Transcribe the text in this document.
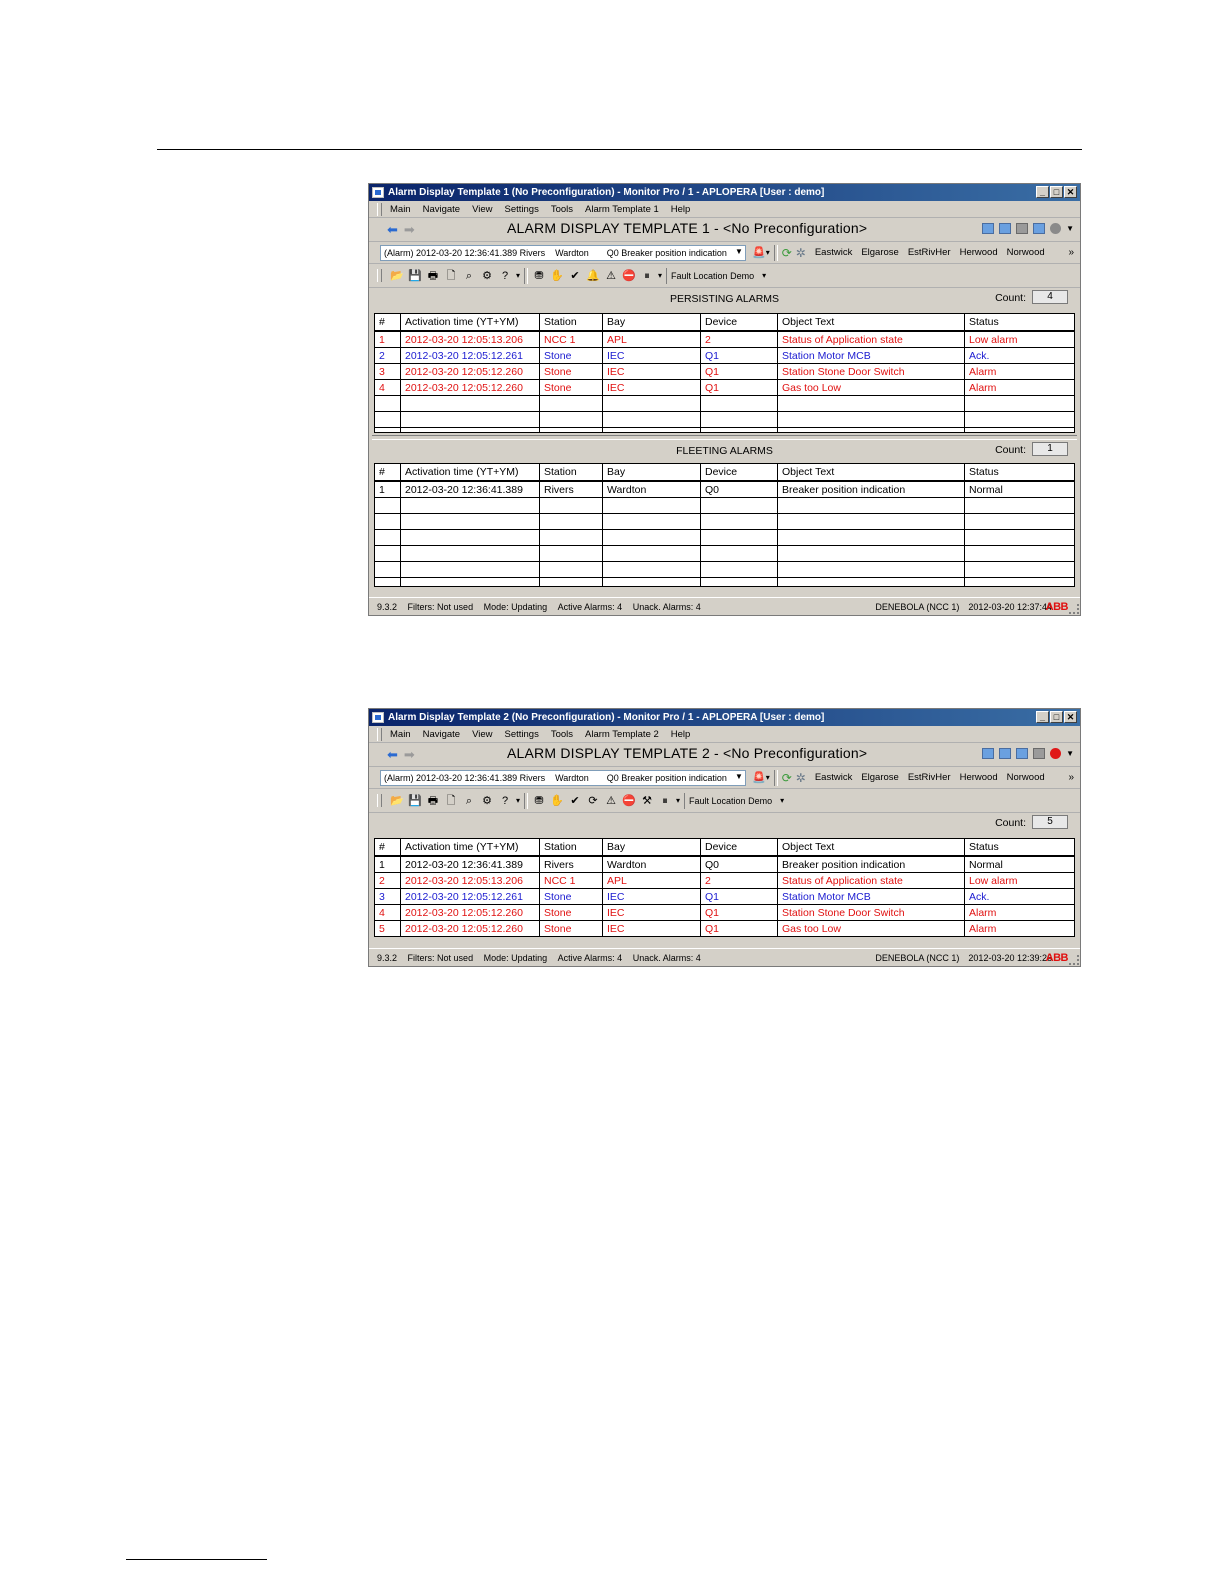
Alarm Display Template 1 (No Preconfiguration) - Monitor Pro / 1 - APLOPERA [User : demo]	_ □ ✕
Main Navigate View Settings Tools Alarm Template 1 Help
⬅ ➡	ALARM DISPLAY TEMPLATE 1 - <No Preconfiguration>	▼
(Alarm) 2012-03-20 12:36:41.389 Rivers Wardton Q0 Breaker position indication ▼ 🚨 ▾ ⟳ ✲ Eastwick Elgarose EstRivHer Herwood Norwood »
📂 💾 🖶 🗋 ⌕ ⚙ ? ▾ ⛃ ✋ ✔ 🔔 ⚠ ⛔ ⏸	▾ Fault Location Demo ▾
PERSISTING ALARMS	Count:	4
#	Activation time (YT+YM)	Station	Bay	Device	Object Text	Status
1	2012-03-20 12:05:13.206	NCC 1	APL	2	Status of Application state	Low alarm
2	2012-03-20 12:05:12.261	Stone	IEC	Q1	Station Motor MCB	Ack.
3	2012-03-20 12:05:12.260	Stone	IEC	Q1	Station Stone Door Switch	Alarm
4	2012-03-20 12:05:12.260	Stone	IEC	Q1	Gas too Low	Alarm

FLEETING ALARMS	Count:	1
#	Activation time (YT+YM)	Station	Bay	Device	Object Text	Status
1	2012-03-20 12:36:41.389	Rivers	Wardton	Q0	Breaker position indication	Normal

9.3.2 Filters: Not used Mode: Updating Active Alarms: 4 Unack. Alarms: 4	DENEBOLA (NCC 1) 2012-03-20 12:37:44
ABB
Alarm Display Template 2 (No Preconfiguration) - Monitor Pro / 1 - APLOPERA [User : demo]	_ □ ✕
Main Navigate View Settings Tools Alarm Template 2 Help
⬅ ➡	ALARM DISPLAY TEMPLATE 2 - <No Preconfiguration>	▼
(Alarm) 2012-03-20 12:36:41.389 Rivers Wardton Q0 Breaker position indication ▼ 🚨 ▾ ⟳ ✲ Eastwick Elgarose EstRivHer Herwood Norwood »
📂 💾 🖶 🗋 ⌕ ⚙ ? ▾ ⛃ ✋ ✔ ⟳ ⚠ ⛔ ⚒ ⏸	▾ Fault Location Demo ▾
Count:	5
#	Activation time (YT+YM)	Station	Bay	Device	Object Text	Status
1	2012-03-20 12:36:41.389	Rivers	Wardton	Q0	Breaker position indication	Normal
2	2012-03-20 12:05:13.206	NCC 1	APL	2	Status of Application state	Low alarm
3	2012-03-20 12:05:12.261	Stone	IEC	Q1	Station Motor MCB	Ack.
4	2012-03-20 12:05:12.260	Stone	IEC	Q1	Station Stone Door Switch	Alarm
5	2012-03-20 12:05:12.260	Stone	IEC	Q1	Gas too Low	Alarm
9.3.2 Filters: Not used Mode: Updating Active Alarms: 4 Unack. Alarms: 4	DENEBOLA (NCC 1) 2012-03-20 12:39:26
ABB
